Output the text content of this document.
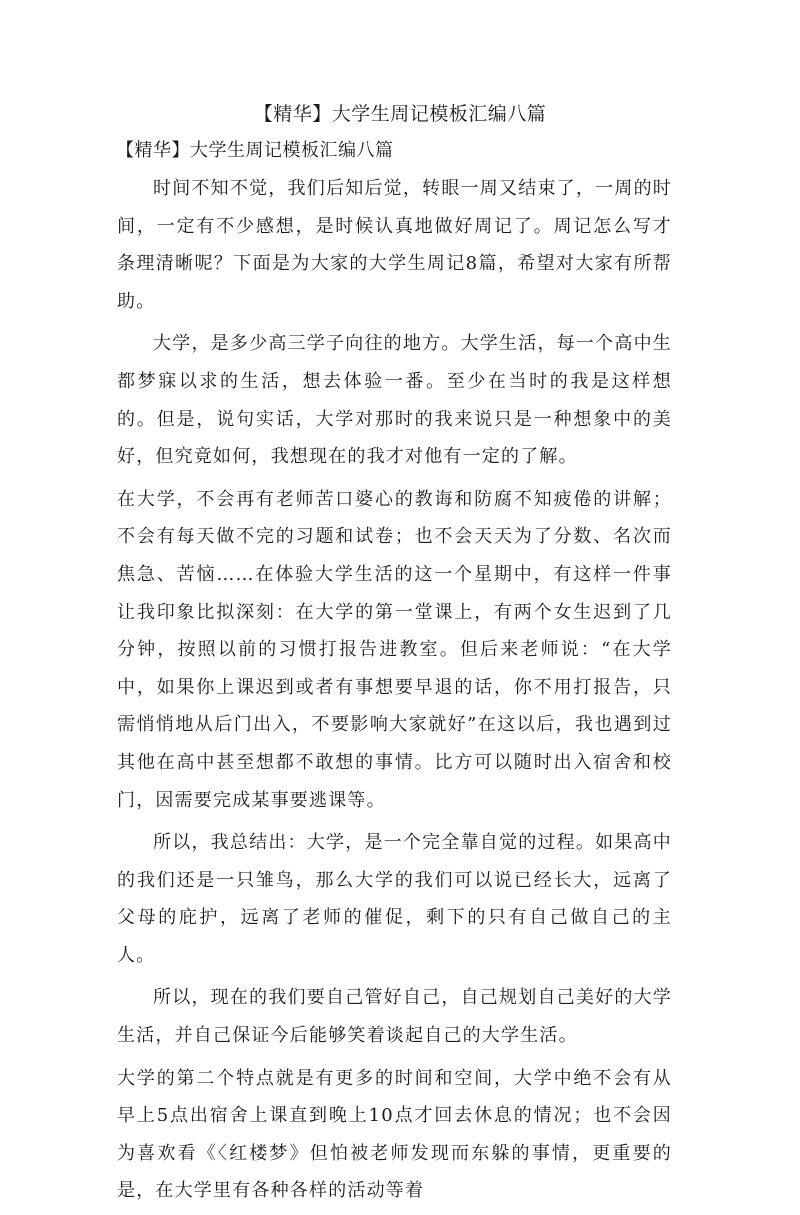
【精华】大学生周记模板汇编八篇
【精华】大学生周记模板汇编八篇

时间不知不觉，我们后知后觉，转眼一周又结束了，一周的时间，一定有不少感想，是时候认真地做好周记了。周记怎么写才条理清晰呢？下面是为大家的大学生周记8篇，希望对大家有所帮助。

大学，是多少高三学子向往的地方。大学生活，每一个高中生都梦寐以求的生活，想去体验一番。至少在当时的我是这样想的。但是，说句实话，大学对那时的我来说只是一种想象中的美好，但究竟如何，我想现在的我才对他有一定的了解。

在大学，不会再有老师苦口婆心的教诲和防腐不知疲倦的讲解；不会有每天做不完的习题和试卷；也不会天天为了分数、名次而焦急、苦恼……在体验大学生活的这一个星期中，有这样一件事让我印象比拟深刻：在大学的第一堂课上，有两个女生迟到了几分钟，按照以前的习惯打报告进教室。但后来老师说：“在大学中，如果你上课迟到或者有事想要早退的话，你不用打报告，只需悄悄地从后门出入，不要影响大家就好”在这以后，我也遇到过其他在高中甚至想都不敢想的事情。比方可以随时出入宿舍和校门，因需要完成某事要逃课等。

所以，我总结出：大学，是一个完全靠自觉的过程。如果高中的我们还是一只雏鸟，那么大学的我们可以说已经长大，远离了父母的庇护，远离了老师的催促，剩下的只有自己做自己的主人。

所以，现在的我们要自己管好自己，自己规划自己美好的大学生活，并自己保证今后能够笑着谈起自己的大学生活。

大学的第二个特点就是有更多的时间和空间，大学中绝不会有从早上5点出宿舍上课直到晚上10点才回去休息的情况；也不会因为喜欢看《〈红楼梦》但怕被老师发现而东躲的事情，更重要的是，在大学里有各种各样的活动等着
